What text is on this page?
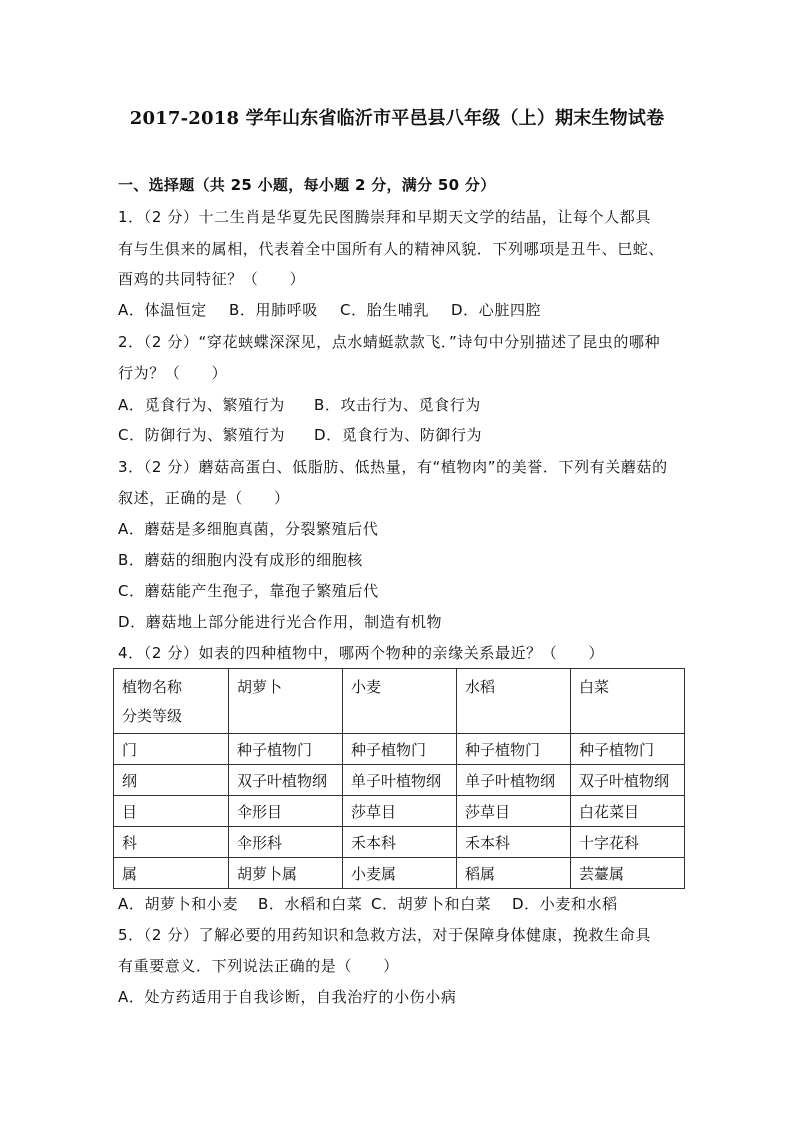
2017-2018 学年山东省临沂市平邑县八年级（上）期末生物试卷
一、选择题（共 25 小题，每小题 2 分，满分 50 分）
1．（2 分）十二生肖是华夏先民图腾崇拜和早期天文学的结晶，让每个人都具
有与生俱来的属相，代表着全中国所有人的精神风貌．下列哪项是丑牛、巳蛇、
酉鸡的共同特征？（　　）
A．体温恒定 B．用肺呼吸 C．胎生哺乳 D．心脏四腔
2．（2 分）“穿花蛱蝶深深见，点水蜻蜓款款飞．”诗句中分别描述了昆虫的哪种
行为？（　　）
A．觅食行为、繁殖行为 B．攻击行为、觅食行为
C．防御行为、繁殖行为 D．觅食行为、防御行为
3．（2 分）蘑菇高蛋白、低脂肪、低热量，有“植物肉”的美誉．下列有关蘑菇的
叙述，正确的是（　　）
A．蘑菇是多细胞真菌，分裂繁殖后代
B．蘑菇的细胞内没有成形的细胞核
C．蘑菇能产生孢子，靠孢子繁殖后代
D．蘑菇地上部分能进行光合作用，制造有机物
4．（2 分）如表的四种植物中，哪两个物种的亲缘关系最近？（　　）
植物名称
分类等级	胡萝卜	小麦	水稻	白菜
门	种子植物门	种子植物门	种子植物门	种子植物门
纲	双子叶植物纲	单子叶植物纲	单子叶植物纲	双子叶植物纲
目	伞形目	莎草目	莎草目	白花菜目
科	伞形科	禾本科	禾本科	十字花科
属	胡萝卜属	小麦属	稻属	芸薹属
A．胡萝卜和小麦 B．水稻和白菜 C．胡萝卜和白菜 D．小麦和水稻
5．（2 分）了解必要的用药知识和急救方法，对于保障身体健康，挽救生命具
有重要意义．下列说法正确的是（　　）
A．处方药适用于自我诊断，自我治疗的小伤小病
